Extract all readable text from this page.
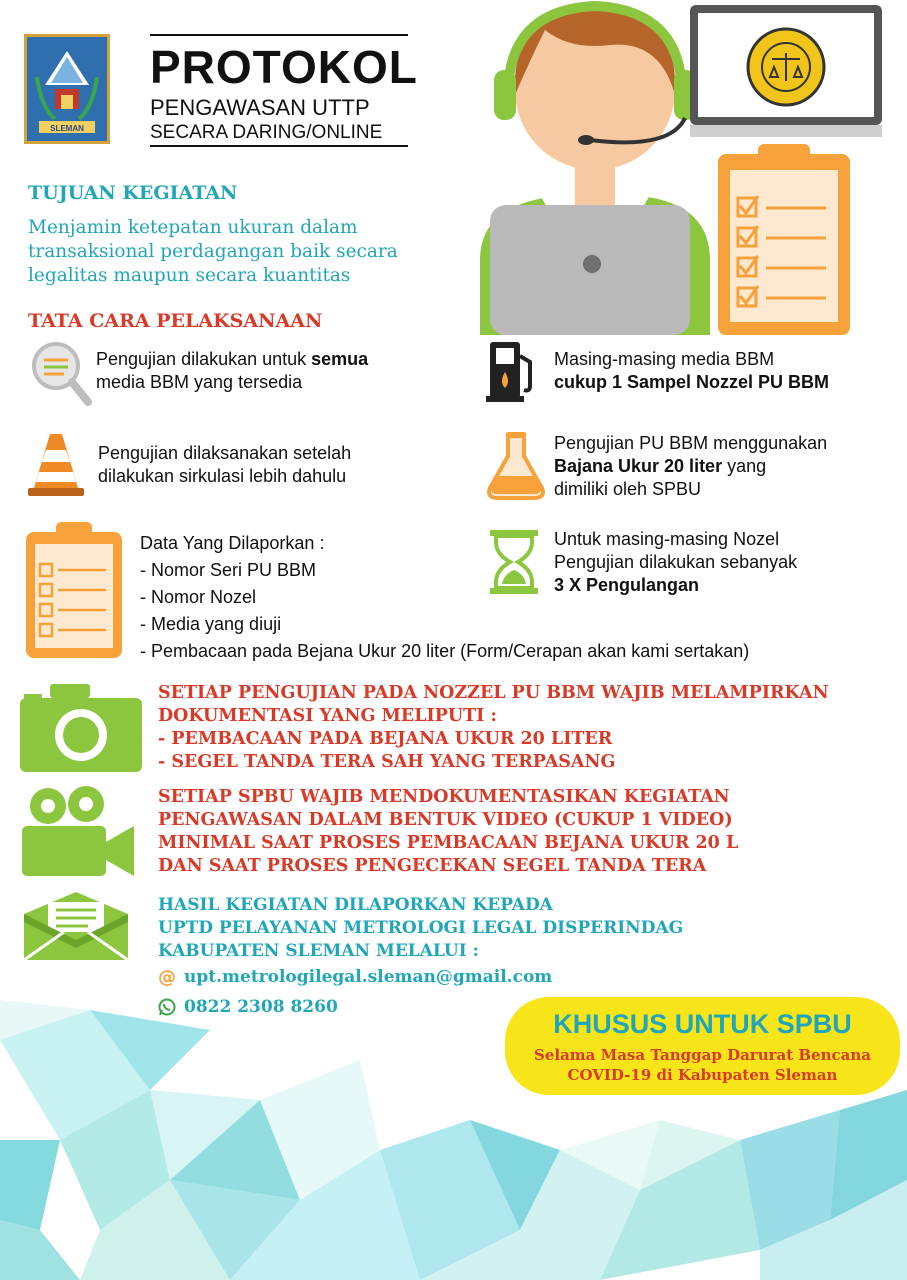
SLEMAN
PROTOKOL
PENGAWASAN UTTP
SECARA DARING/ONLINE
TUJUAN KEGIATAN
Menjamin ketepatan ukuran dalam
transaksional perdagangan baik secara
legalitas maupun secara kuantitas
TATA CARA PELAKSANAAN
Pengujian dilakukan untuk semua
media BBM yang tersedia
Masing-masing media BBM
cukup 1 Sampel Nozzel PU BBM
Pengujian dilaksanakan setelah
dilakukan sirkulasi lebih dahulu
Pengujian PU BBM menggunakan
Bajana Ukur 20 liter yang
dimiliki oleh SPBU
Untuk masing-masing Nozel
Pengujian dilakukan sebanyak
3 X Pengulangan
Data Yang Dilaporkan :
- Nomor Seri PU BBM
- Nomor Nozel
- Media yang diuji
- Pembacaan pada Bejana Ukur 20 liter (Form/Cerapan akan kami sertakan)
SETIAP PENGUJIAN PADA NOZZEL PU BBM WAJIB MELAMPIRKAN
DOKUMENTASI YANG MELIPUTI :
- PEMBACAAN PADA BEJANA UKUR 20 LITER
- SEGEL TANDA TERA SAH YANG TERPASANG
SETIAP SPBU WAJIB MENDOKUMENTASIKAN KEGIATAN
PENGAWASAN DALAM BENTUK VIDEO (CUKUP 1 VIDEO)
MINIMAL SAAT PROSES PEMBACAAN BEJANA UKUR 20 L
DAN SAAT PROSES PENGECEKAN SEGEL TANDA TERA
HASIL KEGIATAN DILAPORKAN KEPADA
UPTD PELAYANAN METROLOGI LEGAL DISPERINDAG
KABUPATEN SLEMAN MELALUI :
@ upt.metrologilegal.sleman@gmail.com
0822 2308 8260
KHUSUS UNTUK SPBU
Selama Masa Tanggap Darurat Bencana
COVID-19 di Kabupaten Sleman
